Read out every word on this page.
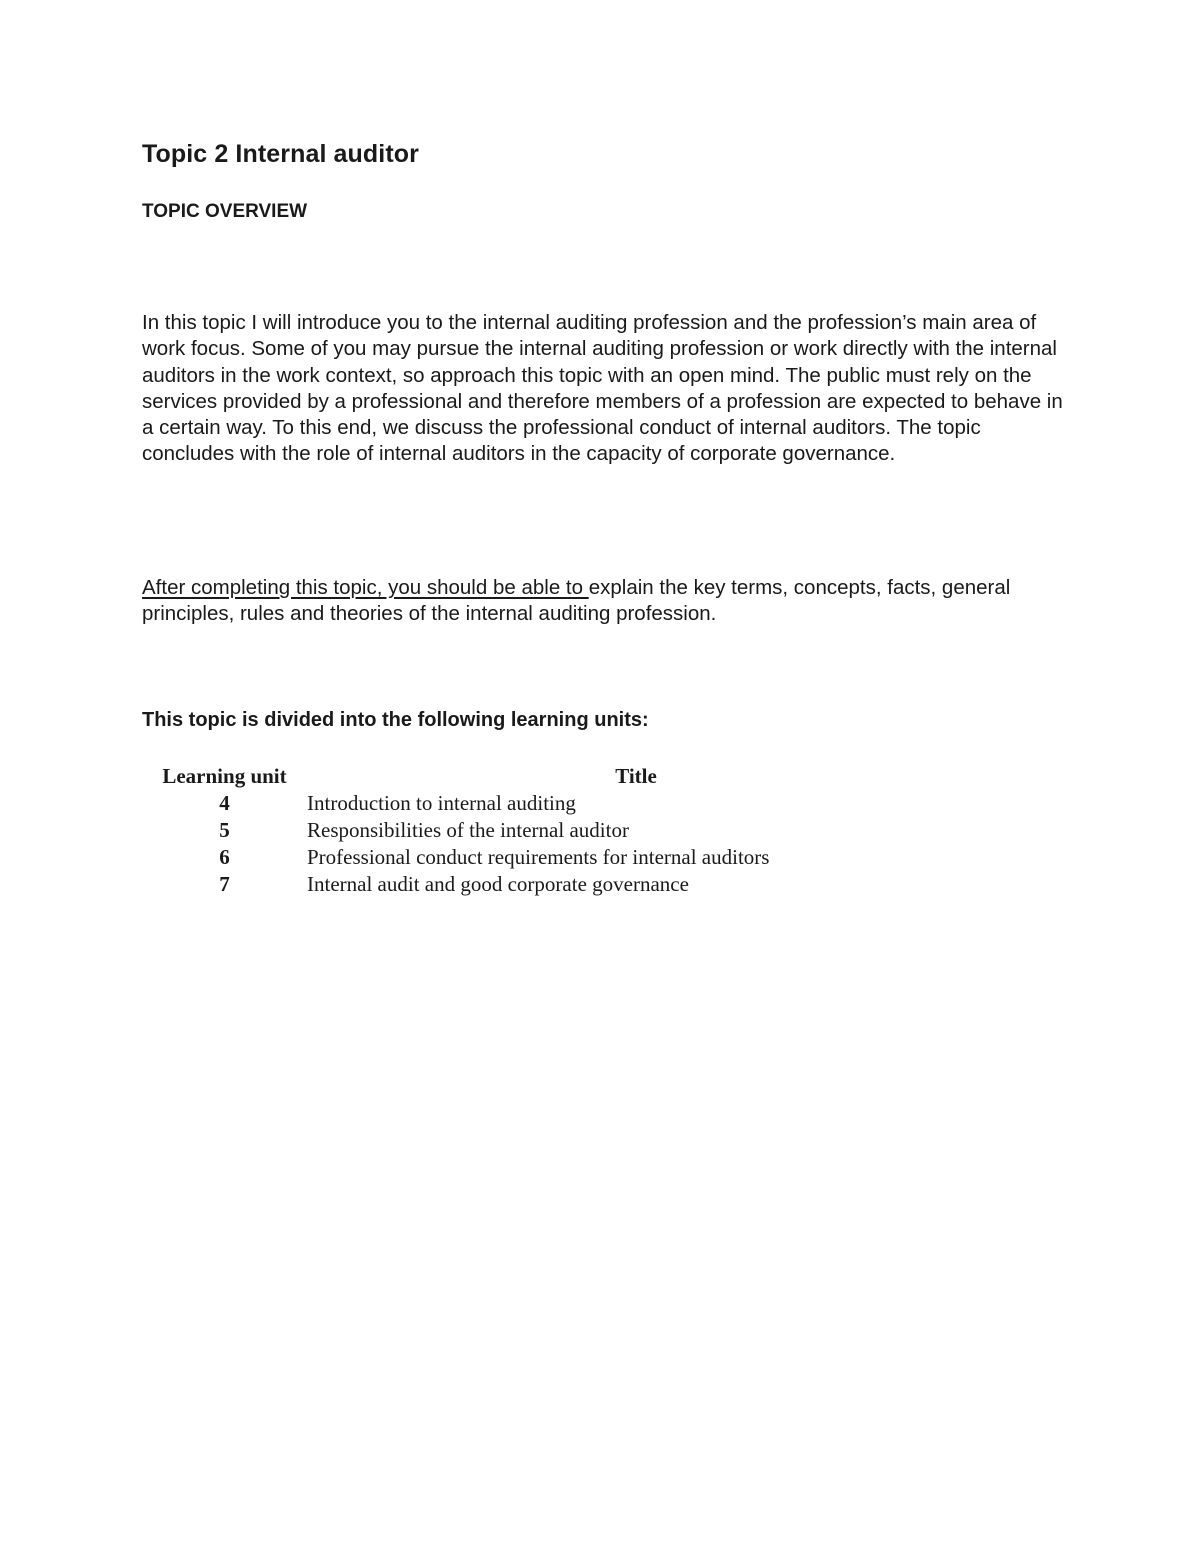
Topic 2 Internal auditor
TOPIC OVERVIEW

In this topic I will introduce you to the internal auditing profession and the profession’s main area of work focus. Some of you may pursue the internal auditing profession or work directly with the internal auditors in the work context, so approach this topic with an open mind. The public must rely on the services provided by a professional and therefore members of a profession are expected to behave in a certain way. To this end, we discuss the professional conduct of internal auditors. The topic concludes with the role of internal auditors in the capacity of corporate governance.

After completing this topic, you should be able to explain the key terms, concepts, facts, general principles, rules and theories of the internal auditing profession.

This topic is divided into the following learning units:
Learning unit	Title
4	Introduction to internal auditing
5	Responsibilities of the internal auditor
6	Professional conduct requirements for internal auditors
7	Internal audit and good corporate governance
